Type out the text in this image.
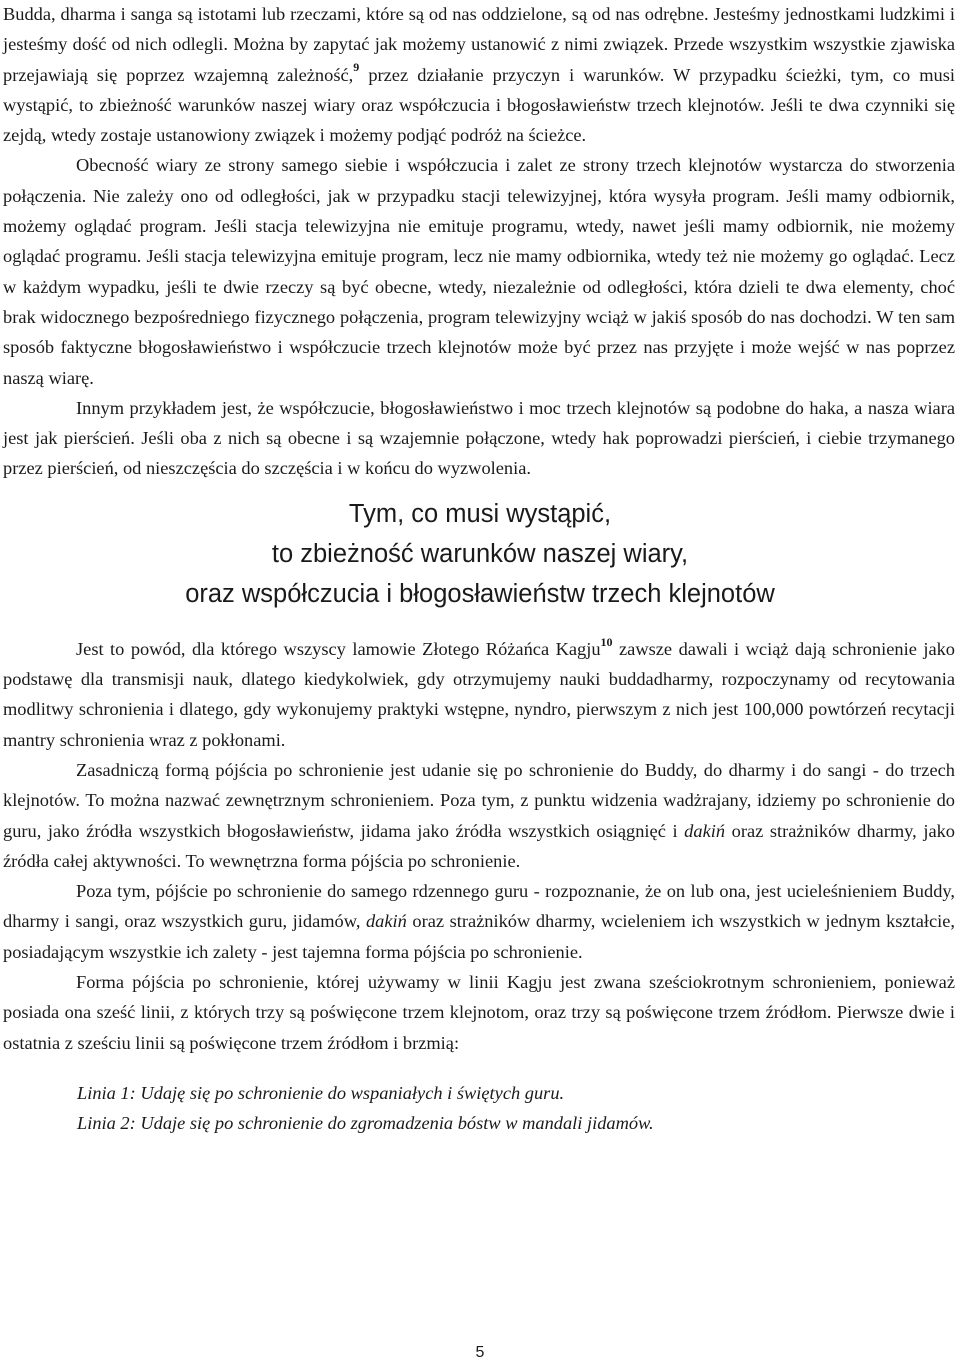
Budda, dharma i sanga są istotami lub rzeczami, które są od nas oddzielone, są od nas odrębne. Jesteśmy jednostkami ludzkimi i jesteśmy dość od nich odlegli. Można by zapytać jak możemy ustanowić z nimi związek. Przede wszystkim wszystkie zjawiska przejawiają się poprzez wzajemną zależność,$^9$ przez działanie przyczyn i warunków. W przypadku ścieżki, tym, co musi wystąpić, to zbieżność warunków naszej wiary oraz współczucia i błogosławieństw trzech klejnotów. Jeśli te dwa czynniki się zejdą, wtedy zostaje ustanowiony związek i możemy podjąć podróż na ścieżce.

Obecność wiary ze strony samego siebie i współczucia i zalet ze strony trzech klejnotów wystarcza do stworzenia połączenia. Nie zależy ono od odległości, jak w przypadku stacji telewizyjnej, która wysyła program. Jeśli mamy odbiornik, możemy oglądać program. Jeśli stacja telewizyjna nie emituje programu, wtedy, nawet jeśli mamy odbiornik, nie możemy oglądać programu. Jeśli stacja telewizyjna emituje program, lecz nie mamy odbiornika, wtedy też nie możemy go oglądać. Lecz w każdym wypadku, jeśli te dwie rzeczy są być obecne, wtedy, niezależnie od odległości, która dzieli te dwa elementy, choć brak widocznego bezpośredniego fizycznego połączenia, program telewizyjny wciąż w jakiś sposób do nas dochodzi. W ten sam sposób faktyczne błogosławieństwo i współczucie trzech klejnotów może być przez nas przyjęte i może wejść w nas poprzez naszą wiarę.

Innym przykładem jest, że współczucie, błogosławieństwo i moc trzech klejnotów są podobne do haka, a nasza wiara jest jak pierścień. Jeśli oba z nich są obecne i są wzajemnie połączone, wtedy hak poprowadzi pierścień, i ciebie trzymanego przez pierścień, od nieszczęścia do szczęścia i w końcu do wyzwolenia.

Tym, co musi wystąpić,
to zbieżność warunków naszej wiary,
oraz współczucia i błogosławieństw trzech klejnotów

Jest to powód, dla którego wszyscy lamowie Złotego Różańca Kagju$^{10}$ zawsze dawali i wciąż dają schronienie jako podstawę dla transmisji nauk, dlatego kiedykolwiek, gdy otrzymujemy nauki buddadharmy, rozpoczynamy od recytowania modlitwy schronienia i dlatego, gdy wykonujemy praktyki wstępne, nyndro, pierwszym z nich jest 100,000 powtórzeń recytacji mantry schronienia wraz z pokłonami.

Zasadniczą formą pójścia po schronienie jest udanie się po schronienie do Buddy, do dharmy i do sangi - do trzech klejnotów. To można nazwać zewnętrznym schronieniem. Poza tym, z punktu widzenia wadżrajany, idziemy po schronienie do guru, jako źródła wszystkich błogosławieństw, jidama jako źródła wszystkich osiągnięć i dakiń oraz strażników dharmy, jako źródła całej aktywności. To wewnętrzna forma pójścia po schronienie.

Poza tym, pójście po schronienie do samego rdzennego guru - rozpoznanie, że on lub ona, jest ucieleśnieniem Buddy, dharmy i sangi, oraz wszystkich guru, jidamów, dakiń oraz strażników dharmy, wcieleniem ich wszystkich w jednym kształcie, posiadającym wszystkie ich zalety - jest tajemna forma pójścia po schronienie.

Forma pójścia po schronienie, której używamy w linii Kagju jest zwana sześciokrotnym schronieniem, ponieważ posiada ona sześć linii, z których trzy są poświęcone trzem klejnotom, oraz trzy są poświęcone trzem źródłom. Pierwsze dwie i ostatnia z sześciu linii są poświęcone trzem źródłom i brzmią:

Linia 1: Udaję się po schronienie do wspaniałych i świętych guru.

Linia 2: Udaje się po schronienie do zgromadzenia bóstw w mandali jidamów.

5
